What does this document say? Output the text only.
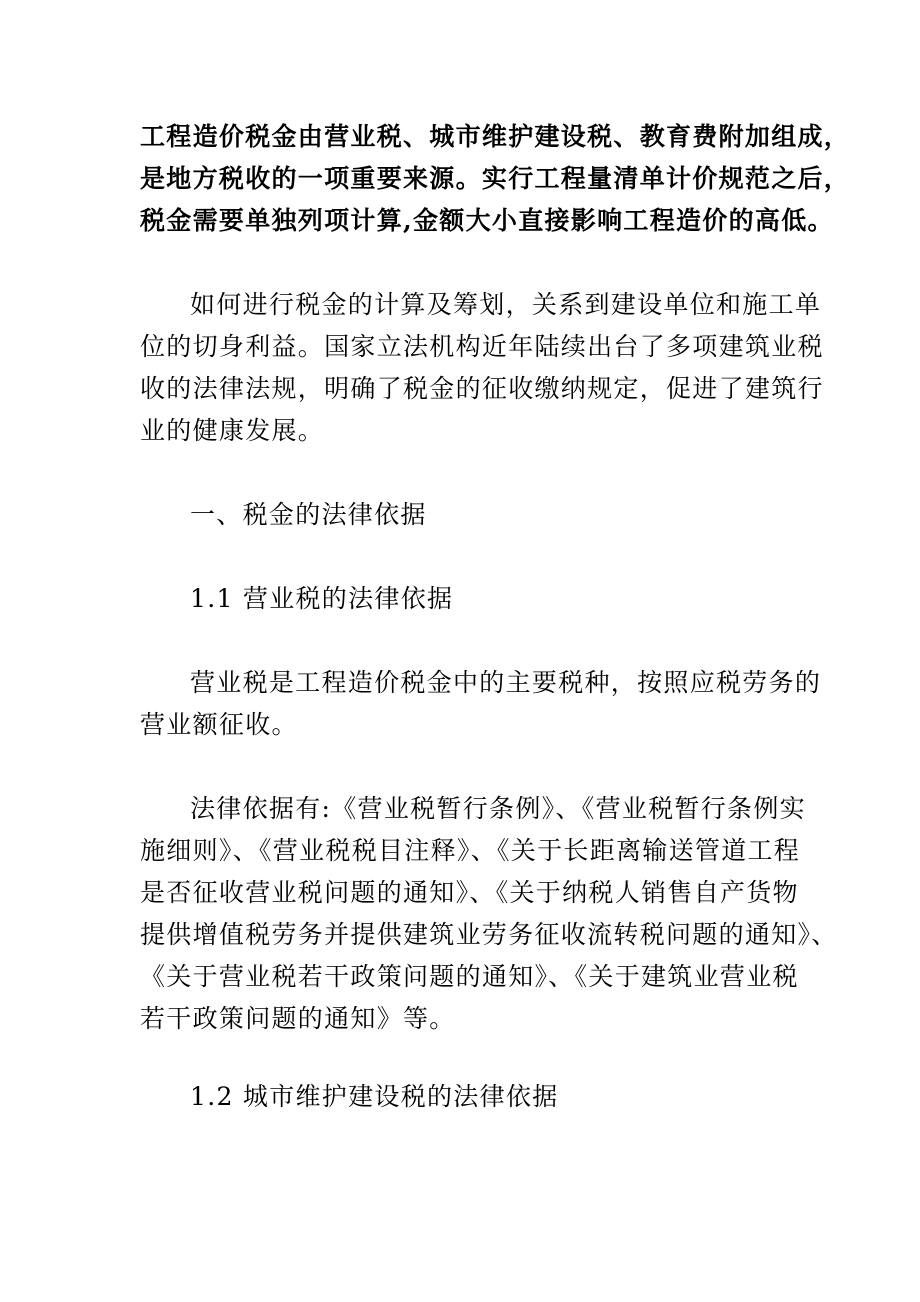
工程造价税金由营业税、城市维护建设税、教育费附加组成，
是地方税收的一项重要来源。实行工程量清单计价规范之后，
税金需要单独列项计算,金额大小直接影响工程造价的高低。
如何进行税金的计算及筹划，关系到建设单位和施工单
位的切身利益。国家立法机构近年陆续出台了多项建筑业税
收的法律法规，明确了税金的征收缴纳规定，促进了建筑行
业的健康发展。
一、税金的法律依据
1.1 营业税的法律依据
营业税是工程造价税金中的主要税种，按照应税劳务的
营业额征收。
法律依据有:《营业税暂行条例》、《营业税暂行条例实
施细则》、《营业税税目注释》、《关于长距离输送管道工程
是否征收营业税问题的通知》、《关于纳税人销售自产货物
提供增值税劳务并提供建筑业劳务征收流转税问题的通知》、
《关于营业税若干政策问题的通知》、《关于建筑业营业税
若干政策问题的通知》等。
1.2 城市维护建设税的法律依据
